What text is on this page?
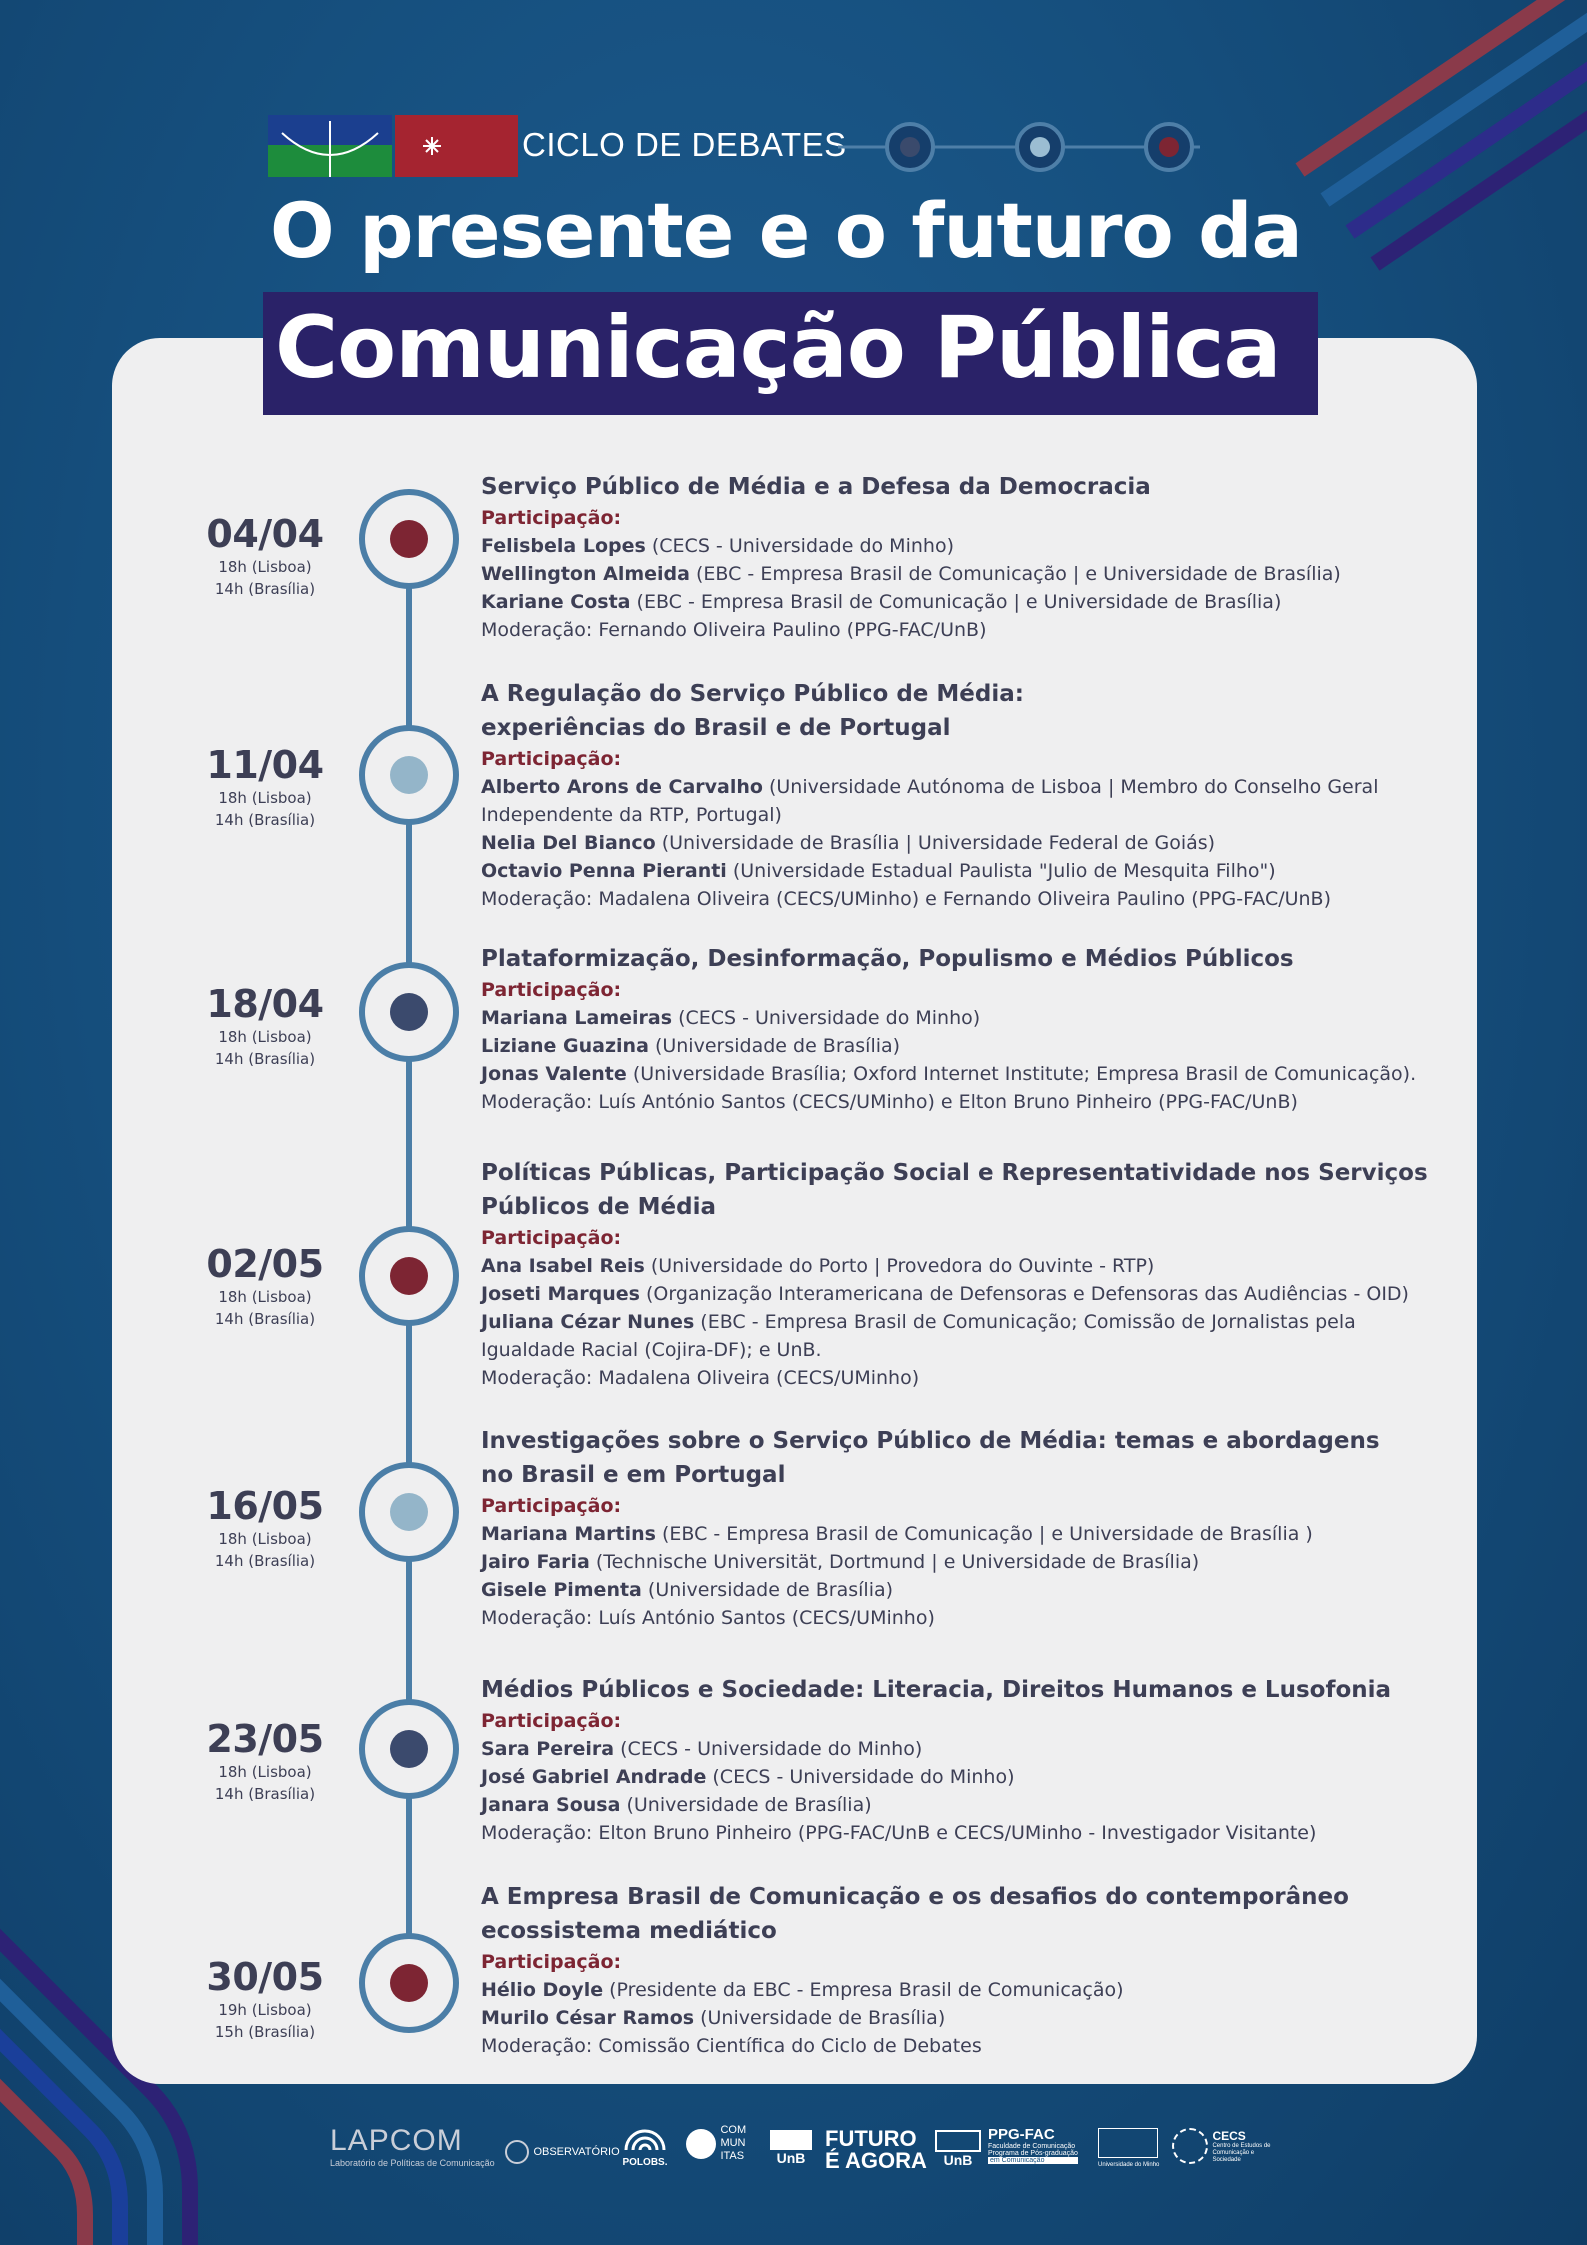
CICLO DE DEBATES
O presente e o futuro da
Comunicação Pública
04/04
18h (Lisboa)
14h (Brasília)
Serviço Público de Média e a Defesa da Democracia
Participação:
Felisbela Lopes (CECS - Universidade do Minho)
Wellington Almeida (EBC - Empresa Brasil de Comunicação | e Universidade de Brasília)
Kariane Costa (EBC - Empresa Brasil de Comunicação | e Universidade de Brasília)
Moderação: Fernando Oliveira Paulino (PPG-FAC/UnB)
11/04
18h (Lisboa)
14h (Brasília)
A Regulação do Serviço Público de Média:
experiências do Brasil e de Portugal
Participação:
Alberto Arons de Carvalho (Universidade Autónoma de Lisboa | Membro do Conselho Geral Independente da RTP, Portugal)
Nelia Del Bianco (Universidade de Brasília | Universidade Federal de Goiás)
Octavio Penna Pieranti (Universidade Estadual Paulista "Julio de Mesquita Filho")
Moderação: Madalena Oliveira (CECS/UMinho) e Fernando Oliveira Paulino (PPG-FAC/UnB)
18/04
18h (Lisboa)
14h (Brasília)
Plataformização, Desinformação, Populismo e Médios Públicos
Participação:
Mariana Lameiras (CECS - Universidade do Minho)
Liziane Guazina (Universidade de Brasília)
Jonas Valente (Universidade Brasília; Oxford Internet Institute; Empresa Brasil de Comunicação).
Moderação: Luís António Santos (CECS/UMinho) e Elton Bruno Pinheiro (PPG-FAC/UnB)
02/05
18h (Lisboa)
14h (Brasília)
Políticas Públicas, Participação Social e Representatividade nos Serviços
Públicos de Média
Participação:
Ana Isabel Reis (Universidade do Porto | Provedora do Ouvinte - RTP)
Joseti Marques (Organização Interamericana de Defensoras e Defensoras das Audiências - OID)
Juliana Cézar Nunes (EBC - Empresa Brasil de Comunicação; Comissão de Jornalistas pela Igualdade Racial (Cojira-DF); e UnB.
Moderação: Madalena Oliveira (CECS/UMinho)
16/05
18h (Lisboa)
14h (Brasília)
Investigações sobre o Serviço Público de Média: temas e abordagens
no Brasil e em Portugal
Participação:
Mariana Martins (EBC - Empresa Brasil de Comunicação | e Universidade de Brasília )
Jairo Faria (Technische Universität, Dortmund | e Universidade de Brasília)
Gisele Pimenta (Universidade de Brasília)
Moderação: Luís António Santos (CECS/UMinho)
23/05
18h (Lisboa)
14h (Brasília)
Médios Públicos e Sociedade: Literacia, Direitos Humanos e Lusofonia
Participação:
Sara Pereira (CECS - Universidade do Minho)
José Gabriel Andrade (CECS - Universidade do Minho)
Janara Sousa (Universidade de Brasília)
Moderação: Elton Bruno Pinheiro (PPG-FAC/UnB e CECS/UMinho - Investigador Visitante)
30/05
19h (Lisboa)
15h (Brasília)
A Empresa Brasil de Comunicação e os desafios do contemporâneo
ecossistema mediático
Participação:
Hélio Doyle (Presidente da EBC - Empresa Brasil de Comunicação)
Murilo César Ramos (Universidade de Brasília)
Moderação: Comissão Científica do Ciclo de Debates
LAPCOM
Laboratório de Políticas de Comunicação
OBSERVATÓRIO
POLOBS.
COM MUN ITAS	UnB
FUTURO
É AGORA	UnB
PPG-FAC
Faculdade de Comunicação
Programa de Pós-graduação
em Comunicação
Universidade do Minho

CECS
Centro de Estudos de Comunicação e Sociedade
